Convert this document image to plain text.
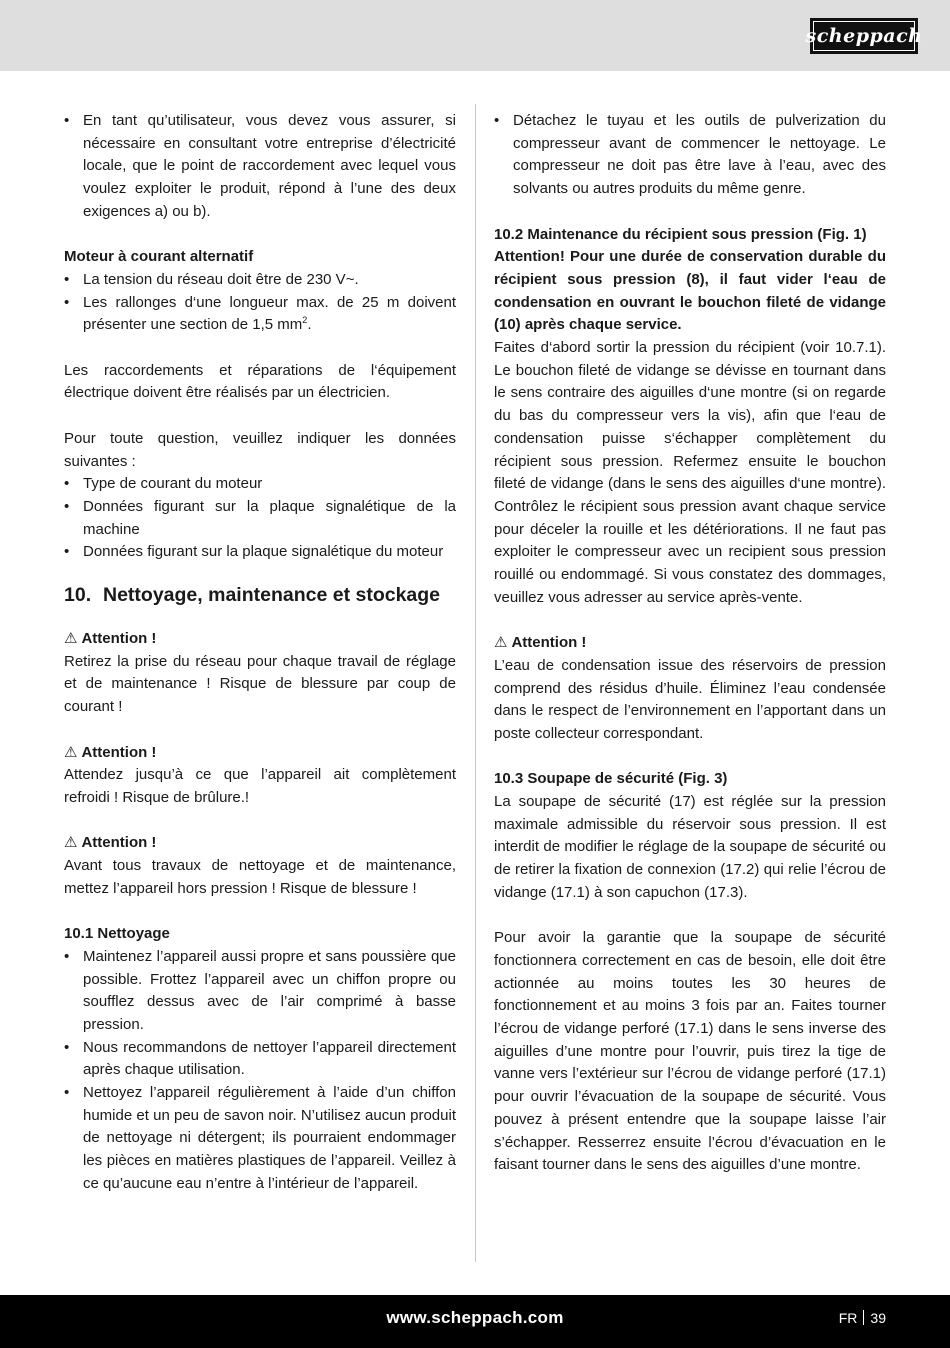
scheppach
• En tant qu’utilisateur, vous devez vous assurer, si nécessaire en consultant votre entreprise d’électricité locale, que le point de raccordement avec lequel vous voulez exploiter le produit, répond à l’une des deux exigences a) ou b).

Moteur à courant alternatif

• La tension du réseau doit être de 230 V~.
• Les rallonges d‘une longueur max. de 25 m doivent présenter une section de 1,5 $mm^2$.

Les raccordements et réparations de l‘équipement électrique doivent être réalisés par un électricien.

Pour toute question, veuillez indiquer les données suivantes :

• Type de courant du moteur
• Données figurant sur la plaque signalétique de la machine
• Données figurant sur la plaque signalétique du moteur
10. Nettoyage, maintenance et stockage

⚠ Attention !

Retirez la prise du réseau pour chaque travail de réglage et de maintenance ! Risque de blessure par coup de courant !

⚠ Attention !

Attendez jusqu’à ce que l’appareil ait complètement refroidi ! Risque de brûlure.!

⚠ Attention !

Avant tous travaux de nettoyage et de maintenance, mettez l’appareil hors pression ! Risque de blessure !

10.1 Nettoyage

• Maintenez l’appareil aussi propre et sans poussière que possible. Frottez l’appareil avec un chiffon propre ou soufflez dessus avec de l’air comprimé à basse pression.
• Nous recommandons de nettoyer l’appareil directement après chaque utilisation.
• Nettoyez l’appareil régulièrement à l’aide d’un chiffon humide et un peu de savon noir. N’utilisez aucun produit de nettoyage ni détergent; ils pourraient endommager les pièces en matières plastiques de l’appareil. Veillez à ce qu’aucune eau n’entre à l’intérieur de l’appareil.
• Détachez le tuyau et les outils de pulverization du compresseur avant de commencer le nettoyage. Le compresseur ne doit pas être lave à l’eau, avec des solvants ou autres produits du même genre.

10.2 Maintenance du récipient sous pression (Fig. 1)

Attention! Pour une durée de conservation durable du récipient sous pression (8), il faut vider l‘eau de condensation en ouvrant le bouchon fileté de vidange (10) après chaque service.

Faites d‘abord sortir la pression du récipient (voir 10.7.1). Le bouchon fileté de vidange se dévisse en tournant dans le sens contraire des aiguilles d‘une montre (si on regarde du bas du compresseur vers la vis), afin que l‘eau de condensation puisse s‘échapper complètement du récipient sous pression. Refermez ensuite le bouchon fileté de vidange (dans le sens des aiguilles d‘une montre). Contrôlez le récipient sous pression avant chaque service pour déceler la rouille et les détériorations. Il ne faut pas exploiter le compresseur avec un recipient sous pression rouillé ou endommagé. Si vous constatez des dommages, veuillez vous adresser au service après-vente.

⚠ Attention !

L’eau de condensation issue des réservoirs de pression comprend des résidus d’huile. Éliminez l’eau condensée dans le respect de l’environnement en l’apportant dans un poste collecteur correspondant.

10.3 Soupape de sécurité (Fig. 3)

La soupape de sécurité (17) est réglée sur la pression maximale admissible du réservoir sous pression. Il est interdit de modifier le réglage de la soupape de sécurité ou de retirer la fixation de connexion (17.2) qui relie l’écrou de vidange (17.1) à son capuchon (17.3).

Pour avoir la garantie que la soupape de sécurité fonctionnera correctement en cas de besoin, elle doit être actionnée au moins toutes les 30 heures de fonctionnement et au moins 3 fois par an. Faites tourner l’écrou de vidange perforé (17.1) dans le sens inverse des aiguilles d’une montre pour l’ouvrir, puis tirez la tige de vanne vers l’extérieur sur l’écrou de vidange perforé (17.1) pour ouvrir l’évacuation de la soupape de sécurité. Vous pouvez à présent entendre que la soupape laisse l’air s’échapper. Resserrez ensuite l’écrou d’évacuation en le faisant tourner dans le sens des aiguilles d’une montre.

www.scheppach.com	FR 39
